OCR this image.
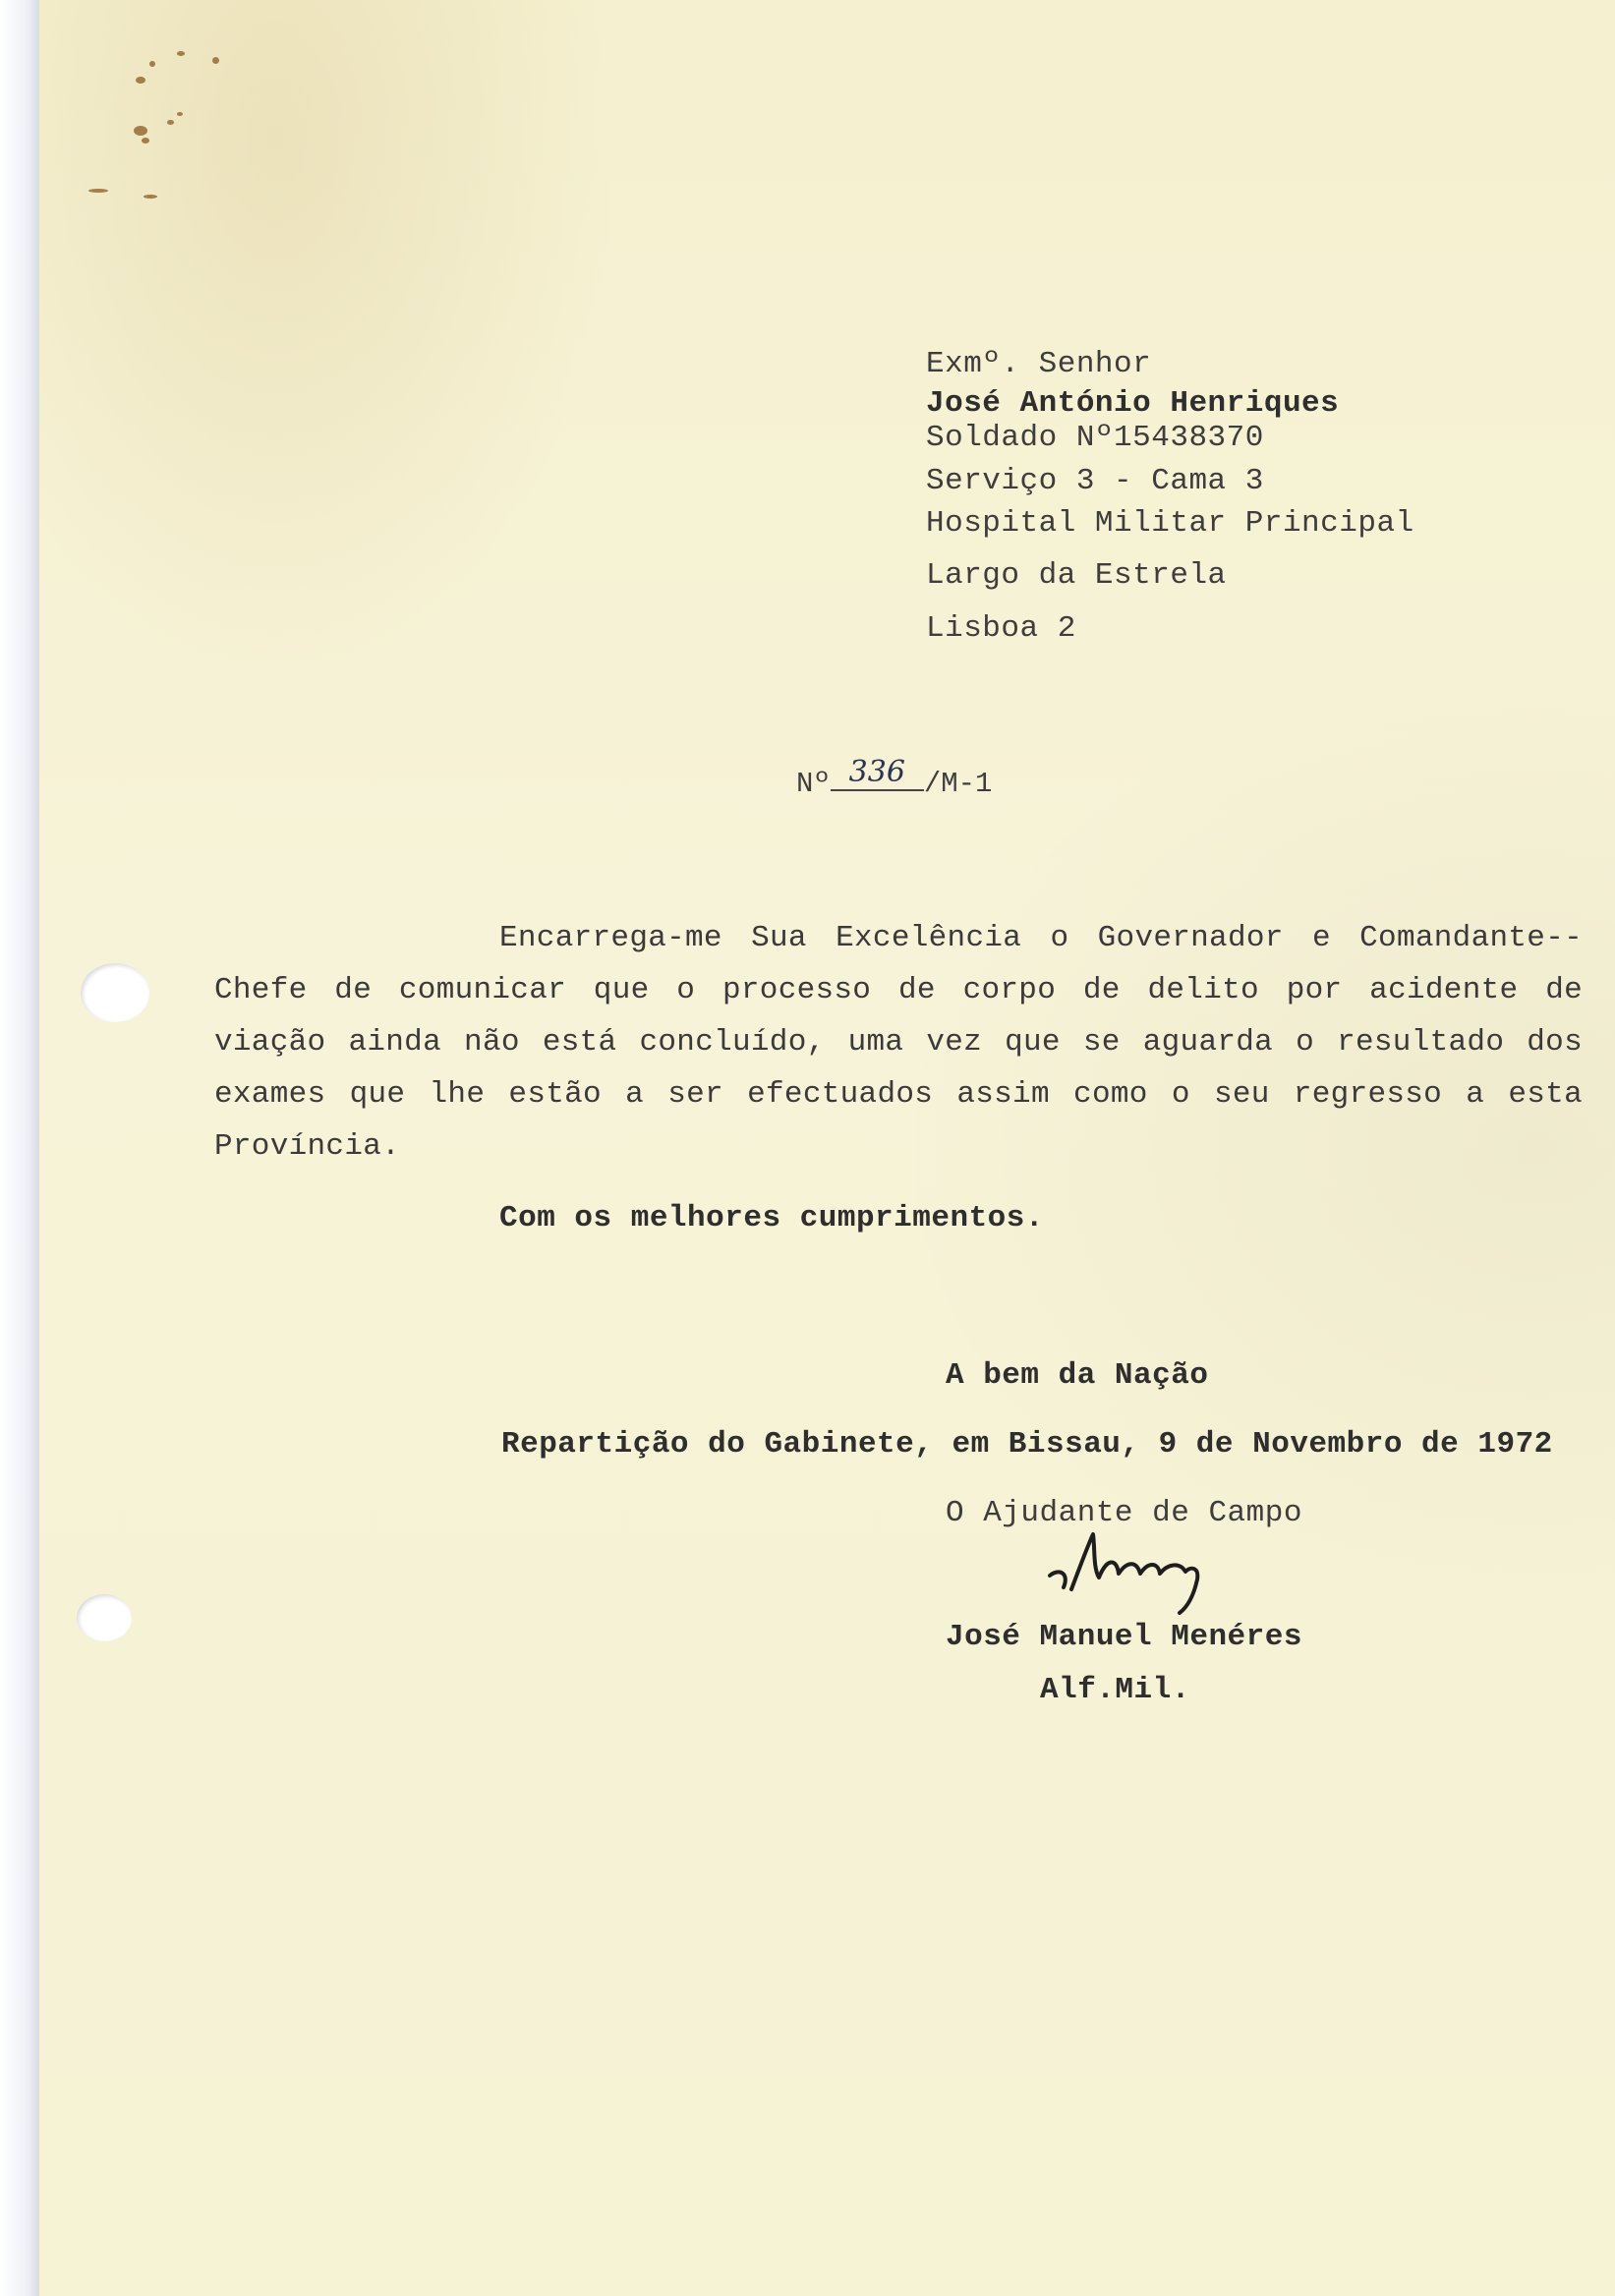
Exmº. Senhor
José António Henriques
Soldado Nº15438370
Serviço 3 - Cama 3
Hospital Militar Principal
Largo da Estrela
Lisboa 2
Nº 336 /M-1
Encarrega-me Sua Excelência o Governador e Comandante--Chefe de comunicar que o processo de corpo de delito por acidente de viação ainda não está concluído, uma vez que se aguarda o resultado dos exames que lhe estão a ser efectuados assim como o seu regresso a esta Província.
Com os melhores cumprimentos.
A bem da Nação
Repartição do Gabinete, em Bissau, 9 de Novembro de 1972
O Ajudante de Campo
José Manuel Menéres
Alf.Mil.
